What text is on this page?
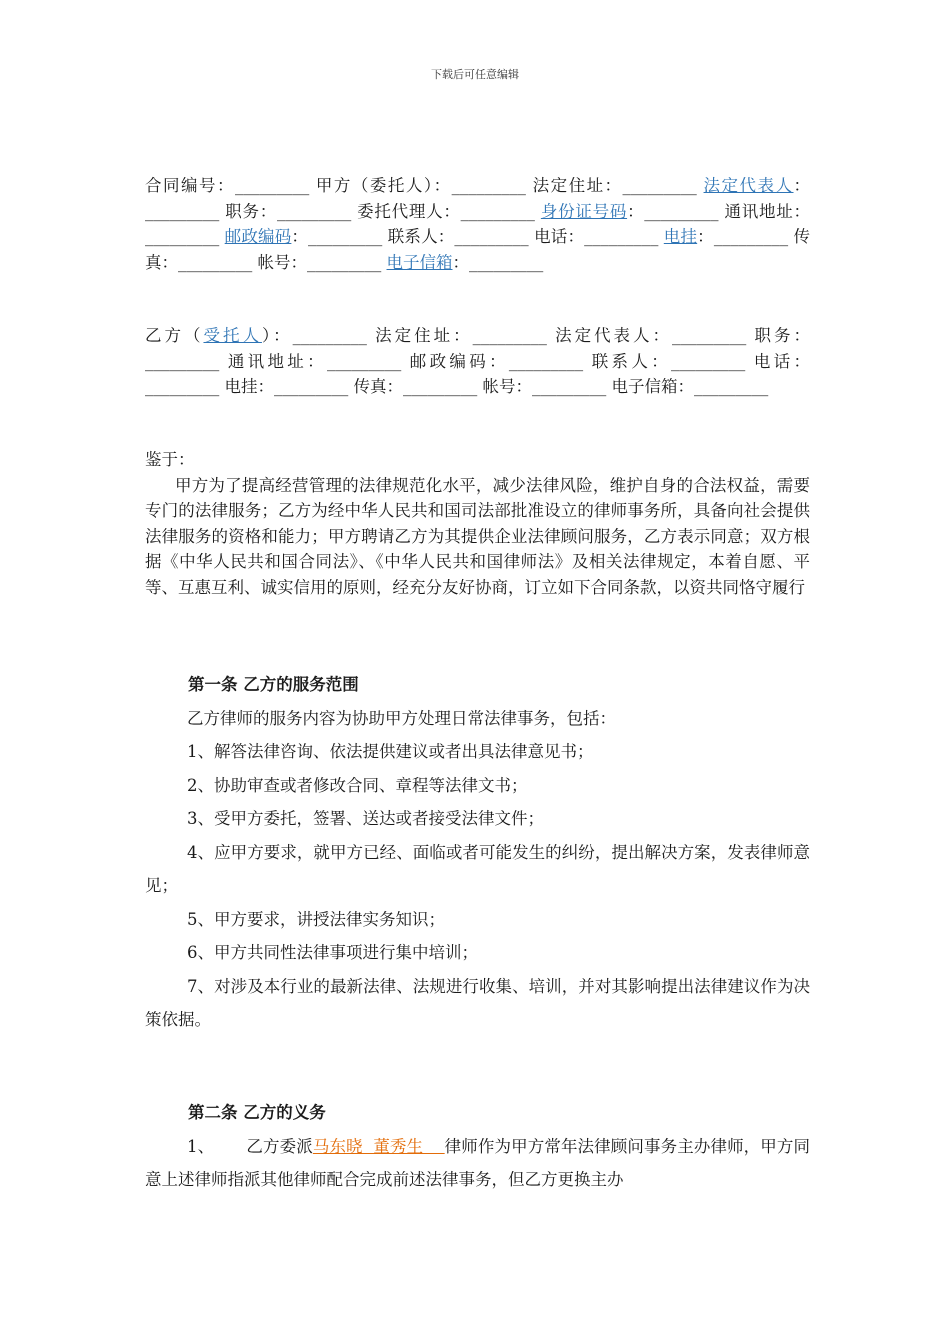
下载后可任意编辑

合同编号：_________ 甲方（委托人）：_________ 法定住址：_________ 法定代表人：_________ 职务：_________ 委托代理人：_________ 身份证号码：_________ 通讯地址：_________ 邮政编码：_________ 联系人：_________ 电话：_________ 电挂：_________ 传真：_________ 帐号：_________ 电子信箱：_________

乙方（受托人）：_________ 法定住址：_________ 法定代表人：_________ 职务：_________ 通讯地址：_________ 邮政编码：_________ 联系人：_________ 电话：_________ 电挂：_________ 传真：_________ 帐号：_________ 电子信箱：_________

鉴于：

甲方为了提高经营管理的法律规范化水平，减少法律风险，维护自身的合法权益，需要专门的法律服务；乙方为经中华人民共和国司法部批准设立的律师事务所，具备向社会提供法律服务的资格和能力；甲方聘请乙方为其提供企业法律顾问服务，乙方表示同意；双方根据《中华人民共和国合同法》、《中华人民共和国律师法》及相关法律规定，本着自愿、平等、互惠互利、诚实信用的原则，经充分友好协商，订立如下合同条款，以资共同恪守履行

第一条 乙方的服务范围

乙方律师的服务内容为协助甲方处理日常法律事务，包括：

1、解答法律咨询、依法提供建议或者出具法律意见书；

2、协助审查或者修改合同、章程等法律文书；

3、受甲方委托，签署、送达或者接受法律文件；

4、应甲方要求，就甲方已经、面临或者可能发生的纠纷，提出解决方案，发表律师意见；

5、甲方要求，讲授法律实务知识；

6、甲方共同性法律事项进行集中培训；

7、对涉及本行业的最新法律、法规进行收集、培训，并对其影响提出法律建议作为决策依据。

第二条 乙方的义务

1、      乙方委派马东晓  董秀生    律师作为甲方常年法律顾问事务主办律师，甲方同意上述律师指派其他律师配合完成前述法律事务，但乙方更换主办
